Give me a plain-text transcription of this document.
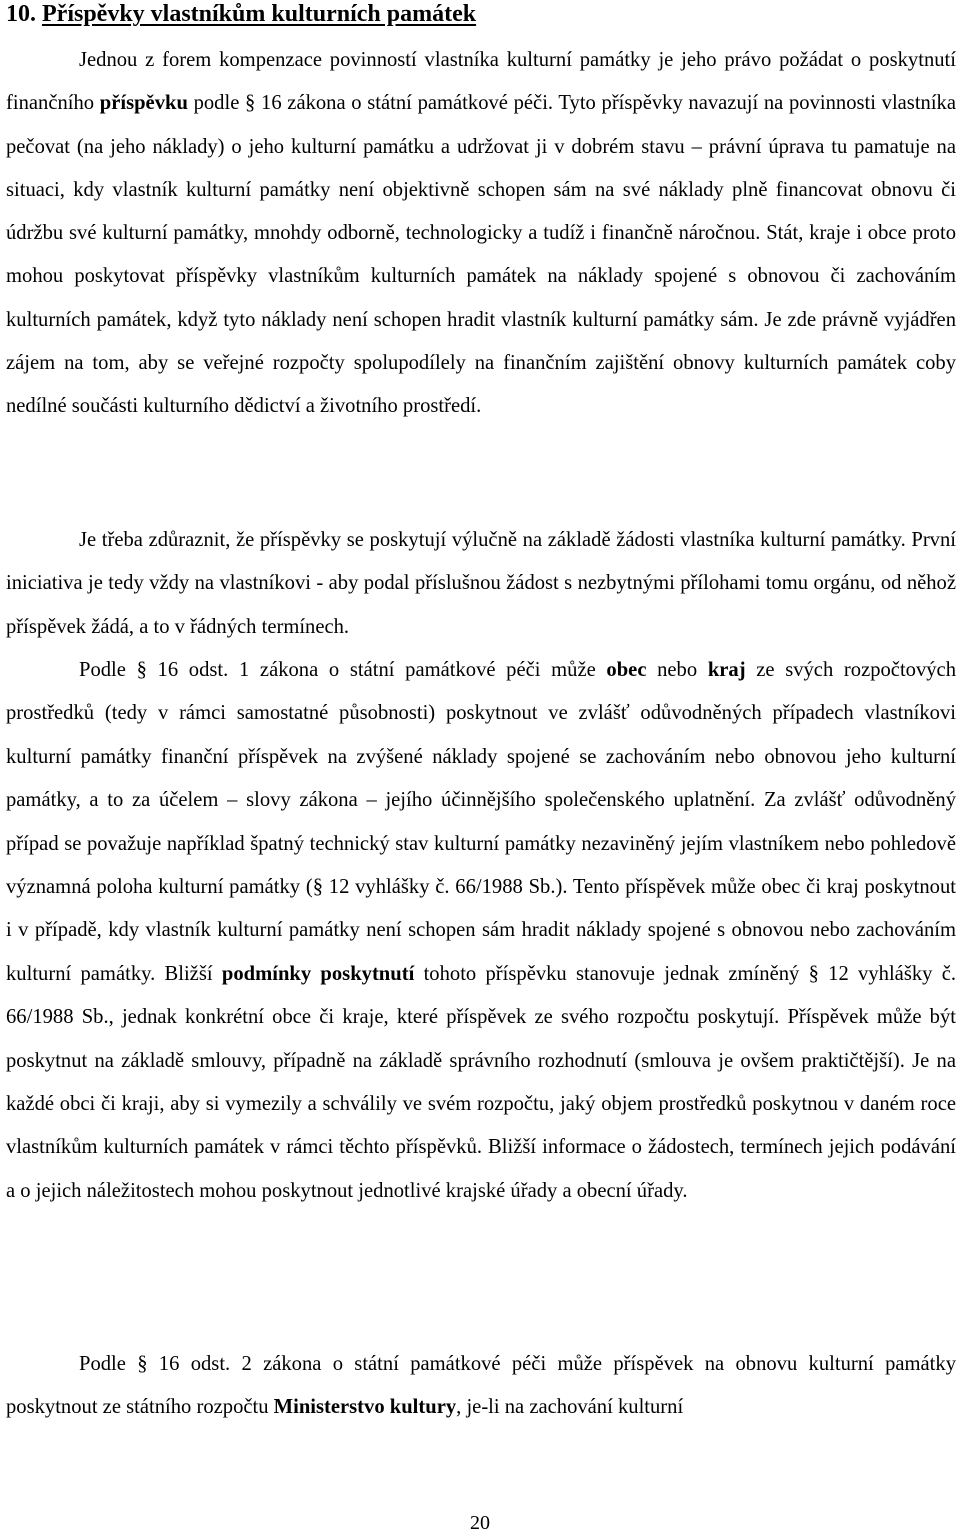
10. Příspěvky vlastníkům kulturních památek

Jednou z forem kompenzace povinností vlastníka kulturní památky je jeho právo požádat o poskytnutí finančního příspěvku podle § 16 zákona o státní památkové péči. Tyto příspěvky navazují na povinnosti vlastníka pečovat (na jeho náklady) o jeho kulturní památku a udržovat ji v dobrém stavu – právní úprava tu pamatuje na situaci, kdy vlastník kulturní památky není objektivně schopen sám na své náklady plně financovat obnovu či údržbu své kulturní památky, mnohdy odborně, technologicky a tudíž i finančně náročnou. Stát, kraje i obce proto mohou poskytovat příspěvky vlastníkům kulturních památek na náklady spojené s obnovou či zachováním kulturních památek, když tyto náklady není schopen hradit vlastník kulturní památky sám. Je zde právně vyjádřen zájem na tom, aby se veřejné rozpočty spolupodílely na finančním zajištění obnovy kulturních památek coby nedílné součásti kulturního dědictví a životního prostředí.

Je třeba zdůraznit, že příspěvky se poskytují výlučně na základě žádosti vlastníka kulturní památky. První iniciativa je tedy vždy na vlastníkovi - aby podal příslušnou žádost s nezbytnými přílohami tomu orgánu, od něhož příspěvek žádá, a to v řádných termínech.

Podle § 16 odst. 1 zákona o státní památkové péči může obec nebo kraj ze svých rozpočtových prostředků (tedy v rámci samostatné působnosti) poskytnout ve zvlášť odůvodněných případech vlastníkovi kulturní památky finanční příspěvek na zvýšené náklady spojené se zachováním nebo obnovou jeho kulturní památky, a to za účelem – slovy zákona – jejího účinnějšího společenského uplatnění. Za zvlášť odůvodněný případ se považuje například špatný technický stav kulturní památky nezaviněný jejím vlastníkem nebo pohledově významná poloha kulturní památky (§ 12 vyhlášky č. 66/1988 Sb.). Tento příspěvek může obec či kraj poskytnout i v případě, kdy vlastník kulturní památky není schopen sám hradit náklady spojené s obnovou nebo zachováním kulturní památky. Bližší podmínky poskytnutí tohoto příspěvku stanovuje jednak zmíněný § 12 vyhlášky č. 66/1988 Sb., jednak konkrétní obce či kraje, které příspěvek ze svého rozpočtu poskytují. Příspěvek může být poskytnut na základě smlouvy, případně na základě správního rozhodnutí (smlouva je ovšem praktičtější). Je na každé obci či kraji, aby si vymezily a schválily ve svém rozpočtu, jaký objem prostředků poskytnou v daném roce vlastníkům kulturních památek v rámci těchto příspěvků. Bližší informace o žádostech, termínech jejich podávání a o jejich náležitostech mohou poskytnout jednotlivé krajské úřady a obecní úřady.

Podle § 16 odst. 2 zákona o státní památkové péči může příspěvek na obnovu kulturní památky poskytnout ze státního rozpočtu Ministerstvo kultury, je-li na zachování kulturní

20
